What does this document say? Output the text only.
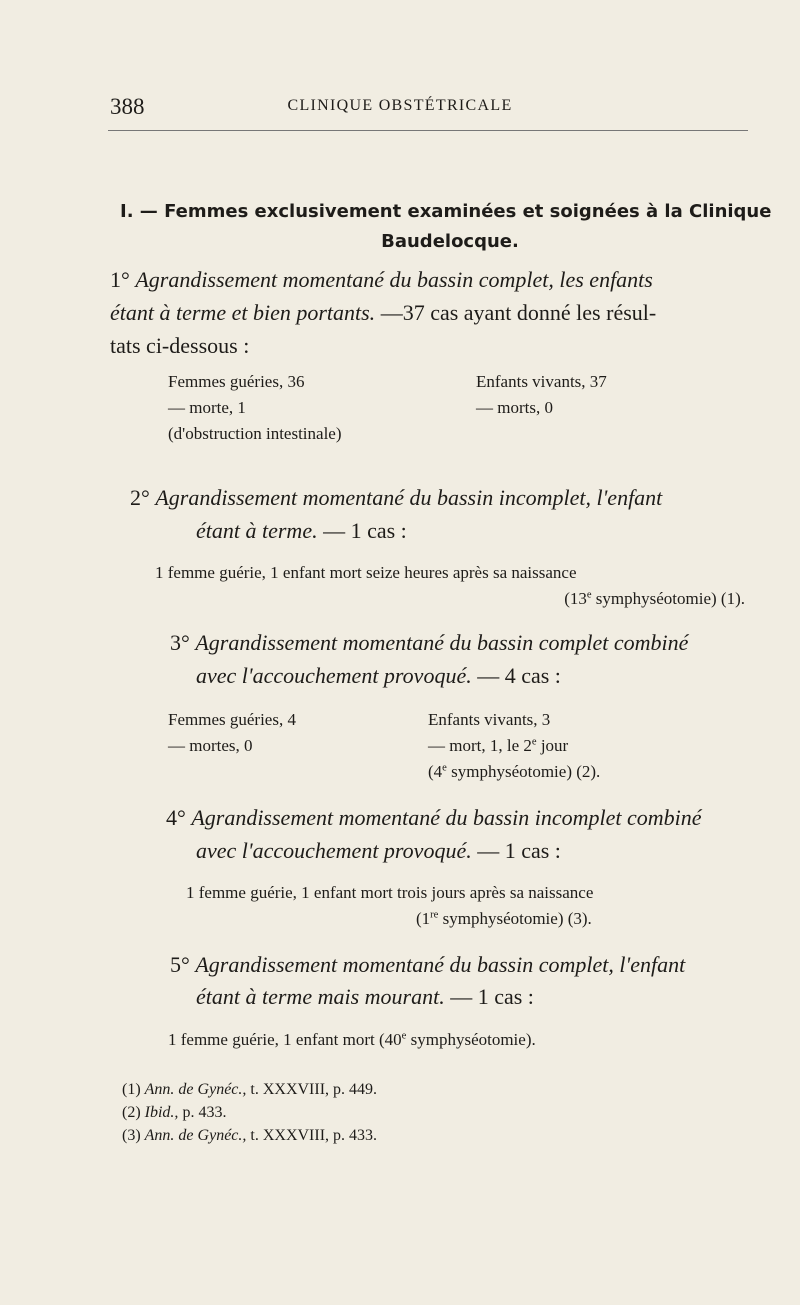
388	CLINIQUE OBSTÉTRICALE
I. — Femmes exclusivement examinées et soignées à la Clinique
Baudelocque.
1° Agrandissement momentané du bassin complet, les enfants
étant à terme et bien portants. —37 cas ayant donné les résul-
tats ci-dessous :
Femmes guéries, 36	Enfants vivants, 37
— morte, 1	— morts, 0
(d'obstruction intestinale)
2° Agrandissement momentané du bassin incomplet, l'enfant
étant à terme. — 1 cas :
1 femme guérie, 1 enfant mort seize heures après sa naissance
(13e symphyséotomie) (1).
3° Agrandissement momentané du bassin complet combiné
avec l'accouchement provoqué. — 4 cas :
Femmes guéries, 4	Enfants vivants, 3
— mortes, 0	— mort, 1, le 2e jour
(4e symphyséotomie) (2).
4° Agrandissement momentané du bassin incomplet combiné
avec l'accouchement provoqué. — 1 cas :
1 femme guérie, 1 enfant mort trois jours après sa naissance
(1re symphyséotomie) (3).
5° Agrandissement momentané du bassin complet, l'enfant
étant à terme mais mourant. — 1 cas :
1 femme guérie, 1 enfant mort (40e symphyséotomie).
(1) Ann. de Gynéc., t. XXXVIII, p. 449.
(2) Ibid., p. 433.
(3) Ann. de Gynéc., t. XXXVIII, p. 433.
